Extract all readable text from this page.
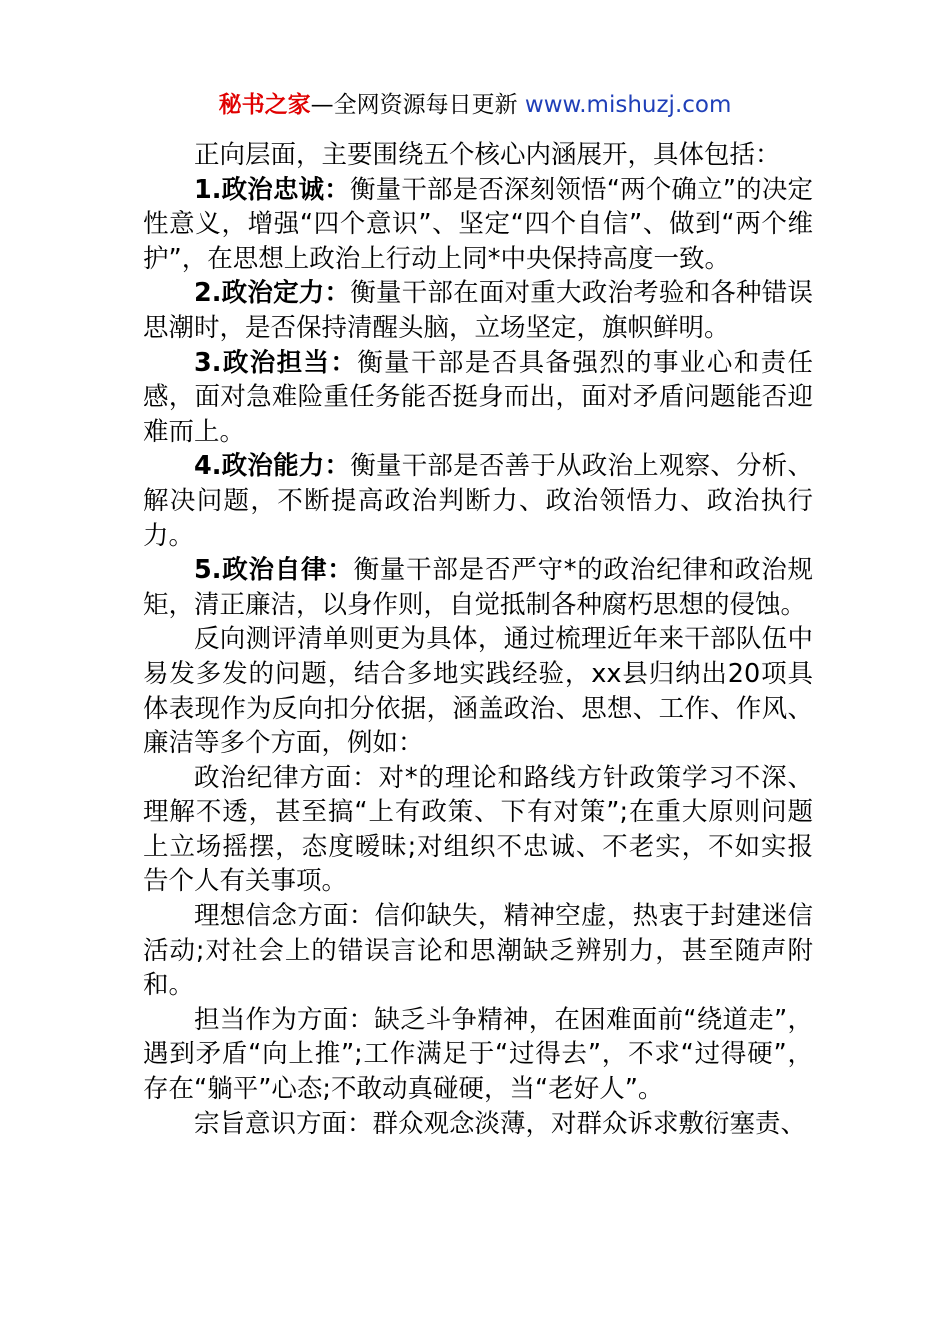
秘书之家—全网资源每日更新 www.mishuzj.com

正向层面，主要围绕五个核心内涵展开，具体包括：

1.政治忠诚：衡量干部是否深刻领悟“两个确立”的决定性意义，增强“四个意识”、坚定“四个自信”、做到“两个维护”，在思想上政治上行动上同*中央保持高度一致。

2.政治定力：衡量干部在面对重大政治考验和各种错误思潮时，是否保持清醒头脑，立场坚定，旗帜鲜明。

3.政治担当：衡量干部是否具备强烈的事业心和责任感，面对急难险重任务能否挺身而出，面对矛盾问题能否迎难而上。

4.政治能力：衡量干部是否善于从政治上观察、分析、解决问题，不断提高政治判断力、政治领悟力、政治执行力。

5.政治自律：衡量干部是否严守*的政治纪律和政治规矩，清正廉洁，以身作则，自觉抵制各种腐朽思想的侵蚀。

反向测评清单则更为具体，通过梳理近年来干部队伍中易发多发的问题，结合多地实践经验，xx县归纳出20项具体表现作为反向扣分依据，涵盖政治、思想、工作、作风、廉洁等多个方面，例如：

政治纪律方面：对*的理论和路线方针政策学习不深、理解不透，甚至搞“上有政策、下有对策”;在重大原则问题上立场摇摆，态度暧昧;对组织不忠诚、不老实，不如实报告个人有关事项。

理想信念方面：信仰缺失，精神空虚，热衷于封建迷信活动;对社会上的错误言论和思潮缺乏辨别力，甚至随声附和。

担当作为方面：缺乏斗争精神，在困难面前“绕道走”，遇到矛盾“向上推”;工作满足于“过得去”，不求“过得硬”，存在“躺平”心态;不敢动真碰硬，当“老好人”。

宗旨意识方面：群众观念淡薄，对群众诉求敷衍塞责、
